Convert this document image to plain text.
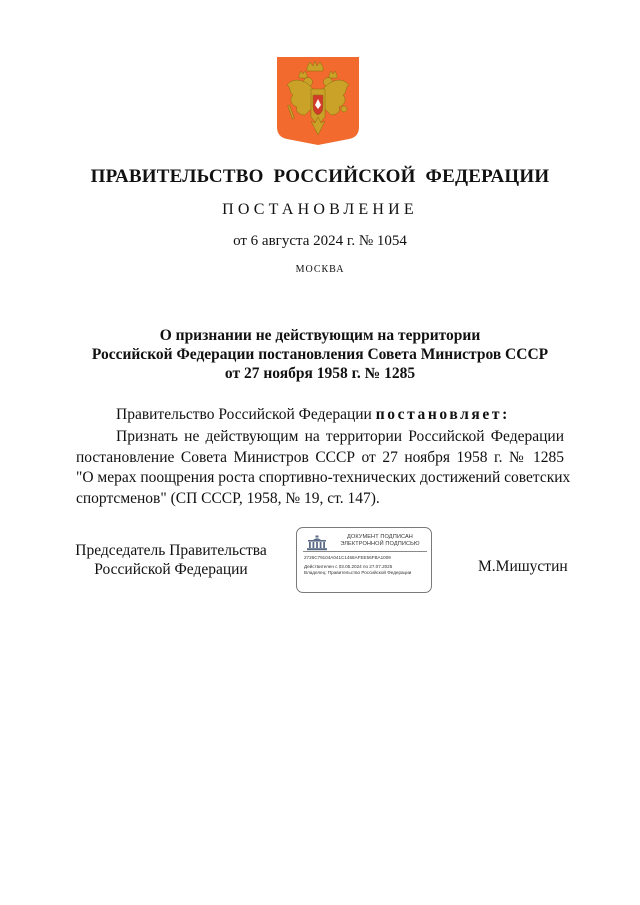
ПРАВИТЕЛЬСТВО РОССИЙСКОЙ ФЕДЕРАЦИИ
ПОСТАНОВЛЕНИЕ
от 6 августа 2024 г. № 1054
МОСКВА
О признании не действующим на территории
Российской Федерации постановления Совета Министров СССР
от 27 ноября 1958 г. № 1285
Правительство Российской Федерации постановляет:
Признать не действующим на территории Российской Федерации
постановление Совета Министров СССР от 27 ноября 1958 г. № 1285
"О мерах поощрения роста спортивно-технических достижений советских
спортсменов" (СП СССР, 1958, № 19, ст. 147).
Председатель Правительства
Российской Федерации
ДОКУМЕНТ ПОДПИСАН
ЭЛЕКТРОННОЙ ПОДПИСЬЮ
2726C79104A041C1458AFEE56FBA1009
Действителен с 03.05.2024 по 27.07.2025
Владелец: Правительство Российской Федерации	М.Мишустин
